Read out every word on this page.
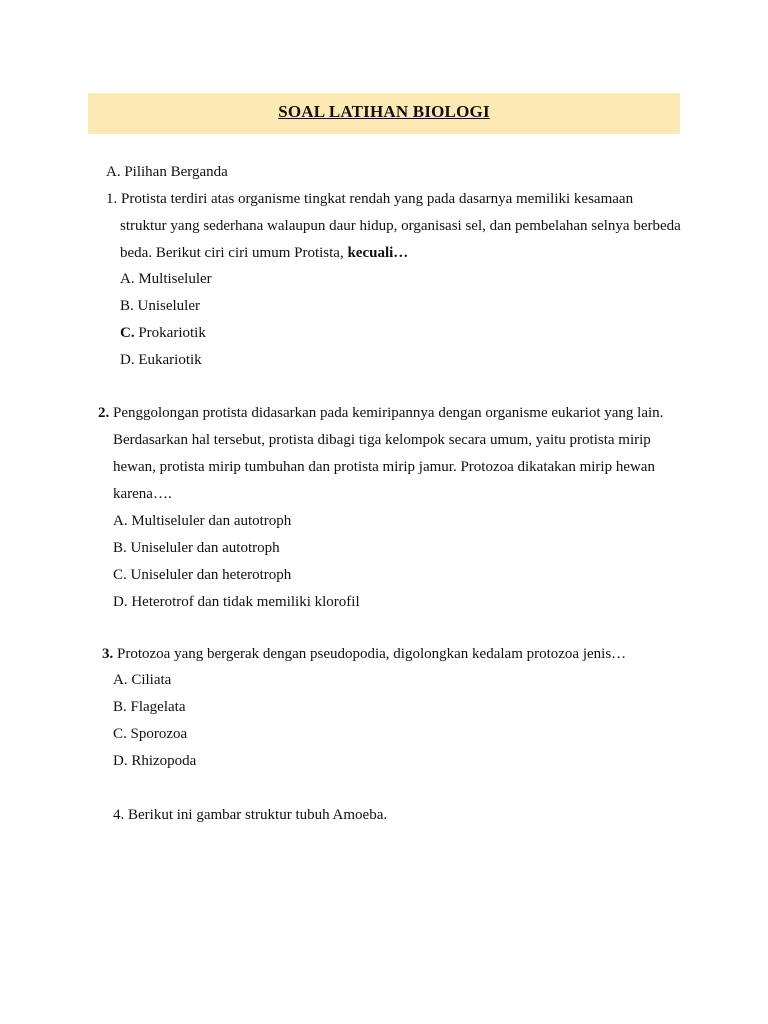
SOAL LATIHAN BIOLOGI
A. Pilihan Berganda
1. Protista terdiri atas organisme tingkat rendah yang pada dasarnya memiliki kesamaan
struktur yang sederhana walaupun daur hidup, organisasi sel, dan pembelahan selnya berbeda
beda. Berikut ciri ciri umum Protista, kecuali…
A. Multiseluler
B. Uniseluler
C. Prokariotik
D. Eukariotik
2. Penggolongan protista didasarkan pada kemiripannya dengan organisme eukariot yang lain.
Berdasarkan hal tersebut, protista dibagi tiga kelompok secara umum, yaitu protista mirip
hewan, protista mirip tumbuhan dan protista mirip jamur. Protozoa dikatakan mirip hewan
karena….
A. Multiseluler dan autotroph
B. Uniseluler dan autotroph
C. Uniseluler dan heterotroph
D. Heterotrof dan tidak memiliki klorofil
3. Protozoa yang bergerak dengan pseudopodia, digolongkan kedalam protozoa jenis…
A. Ciliata
B. Flagelata
C. Sporozoa
D. Rhizopoda
4. Berikut ini gambar struktur tubuh Amoeba.
